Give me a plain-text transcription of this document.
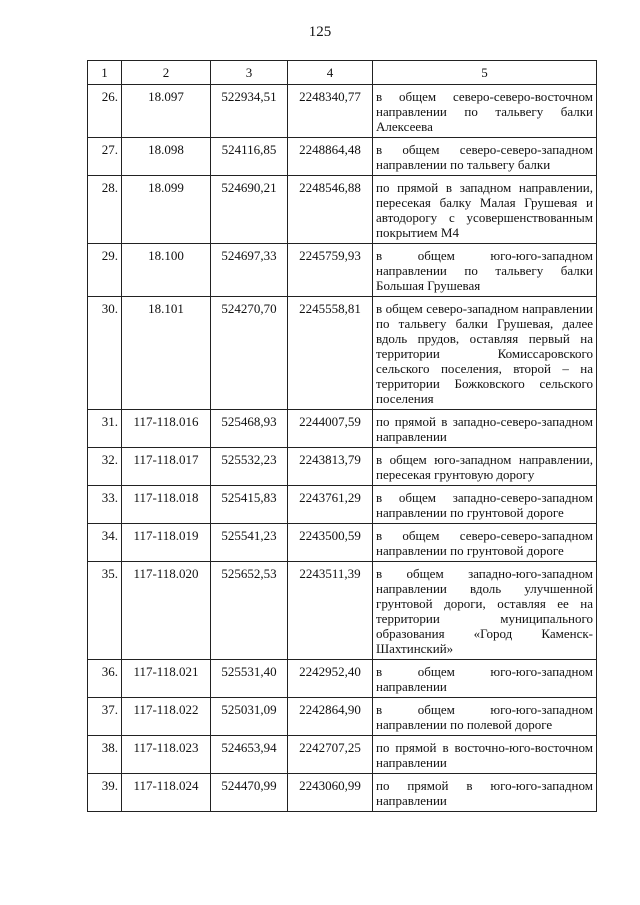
125
1	2	3	4	5
26.	18.097	522934,51	2248340,77	в общем северо-северо-восточном направлении по тальвегу балки Алексеева
27.	18.098	524116,85	2248864,48	в общем северо-северо-западном направлении по тальвегу балки
28.	18.099	524690,21	2248546,88	по прямой в западном направлении, пересекая балку Малая Грушевая и автодорогу с усовершенствованным покрытием М4
29.	18.100	524697,33	2245759,93	в общем юго-юго-западном направлении по тальвегу балки Большая Грушевая
30.	18.101	524270,70	2245558,81	в общем северо-западном направлении по тальвегу балки Грушевая, далее вдоль прудов, оставляя первый на территории Комиссаровского сельского поселения, второй – на территории Божковского сельского поселения
31.	117-118.016	525468,93	2244007,59	по прямой в западно-северо-западном направлении
32.	117-118.017	525532,23	2243813,79	в общем юго-западном направлении, пересекая грунтовую дорогу
33.	117-118.018	525415,83	2243761,29	в общем западно-северо-западном направлении по грунтовой дороге
34.	117-118.019	525541,23	2243500,59	в общем северо-северо-западном направлении по грунтовой дороге
35.	117-118.020	525652,53	2243511,39	в общем западно-юго-западном направлении вдоль улучшенной грунтовой дороги, оставляя ее на территории муниципального образования «Город Каменск-Шахтинский»
36.	117-118.021	525531,40	2242952,40	в общем юго-юго-западном направлении
37.	117-118.022	525031,09	2242864,90	в общем юго-юго-западном направлении по полевой дороге
38.	117-118.023	524653,94	2242707,25	по прямой в восточно-юго-восточном направлении
39.	117-118.024	524470,99	2243060,99	по прямой в юго-юго-западном направлении
